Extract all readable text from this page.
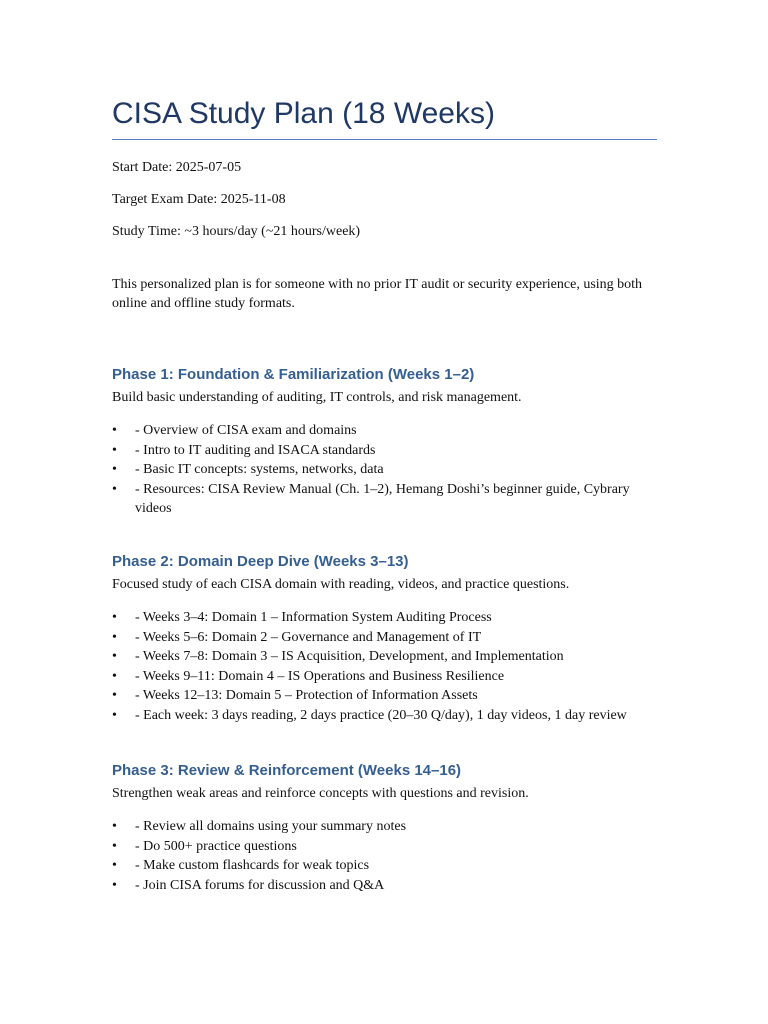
CISA Study Plan (18 Weeks)

Start Date: 2025-07-05

Target Exam Date: 2025-11-08

Study Time: ~3 hours/day (~21 hours/week)

This personalized plan is for someone with no prior IT audit or security experience, using both online and offline study formats.

Phase 1: Foundation & Familiarization (Weeks 1–2)

Build basic understanding of auditing, IT controls, and risk management.

• - Overview of CISA exam and domains
• - Intro to IT auditing and ISACA standards
• - Basic IT concepts: systems, networks, data
• - Resources: CISA Review Manual (Ch. 1–2), Hemang Doshi’s beginner guide, Cybrary videos
Phase 2: Domain Deep Dive (Weeks 3–13)

Focused study of each CISA domain with reading, videos, and practice questions.

• - Weeks 3–4: Domain 1 – Information System Auditing Process
• - Weeks 5–6: Domain 2 – Governance and Management of IT
• - Weeks 7–8: Domain 3 – IS Acquisition, Development, and Implementation
• - Weeks 9–11: Domain 4 – IS Operations and Business Resilience
• - Weeks 12–13: Domain 5 – Protection of Information Assets
• - Each week: 3 days reading, 2 days practice (20–30 Q/day), 1 day videos, 1 day review
Phase 3: Review & Reinforcement (Weeks 14–16)

Strengthen weak areas and reinforce concepts with questions and revision.

• - Review all domains using your summary notes
• - Do 500+ practice questions
• - Make custom flashcards for weak topics
• - Join CISA forums for discussion and Q&A
